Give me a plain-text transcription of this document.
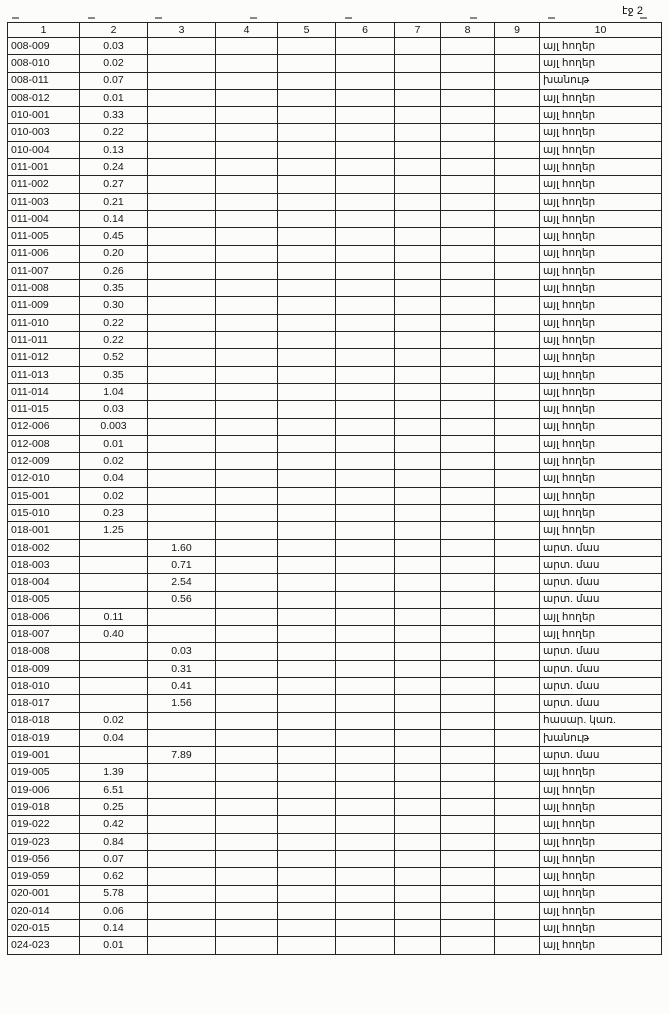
էջ 2
1	2	3	4	5	6	7	8	9	10
008-009	0.03								այլ հողեր
008-010	0.02								այլ հողեր
008-011	0.07								խանութ
008-012	0.01								այլ հողեր
010-001	0.33								այլ հողեր
010-003	0.22								այլ հողեր
010-004	0.13								այլ հողեր
011-001	0.24								այլ հողեր
011-002	0.27								այլ հողեր
011-003	0.21								այլ հողեր
011-004	0.14								այլ հողեր
011-005	0.45								այլ հողեր
011-006	0.20								այլ հողեր
011-007	0.26								այլ հողեր
011-008	0.35								այլ հողեր
011-009	0.30								այլ հողեր
011-010	0.22								այլ հողեր
011-011	0.22								այլ հողեր
011-012	0.52								այլ հողեր
011-013	0.35								այլ հողեր
011-014	1.04								այլ հողեր
011-015	0.03								այլ հողեր
012-006	0.003								այլ հողեր
012-008	0.01								այլ հողեր
012-009	0.02								այլ հողեր
012-010	0.04								այլ հողեր
015-001	0.02								այլ հողեր
015-010	0.23								այլ հողեր
018-001	1.25								այլ հողեր
018-002		1.60							արտ. մաս
018-003		0.71							արտ. մաս
018-004		2.54							արտ. մաս
018-005		0.56							արտ. մաս
018-006	0.11								այլ հողեր
018-007	0.40								այլ հողեր
018-008		0.03							արտ. մաս
018-009		0.31							արտ. մաս
018-010		0.41							արտ. մաս
018-017		1.56							արտ. մաս
018-018	0.02								հասար. կառ.
018-019	0.04								խանութ
019-001		7.89							արտ. մաս
019-005	1.39								այլ հողեր
019-006	6.51								այլ հողեր
019-018	0.25								այլ հողեր
019-022	0.42								այլ հողեր
019-023	0.84								այլ հողեր
019-056	0.07								այլ հողեր
019-059	0.62								այլ հողեր
020-001	5.78								այլ հողեր
020-014	0.06								այլ հողեր
020-015	0.14								այլ հողեր
024-023	0.01								այլ հողեր
